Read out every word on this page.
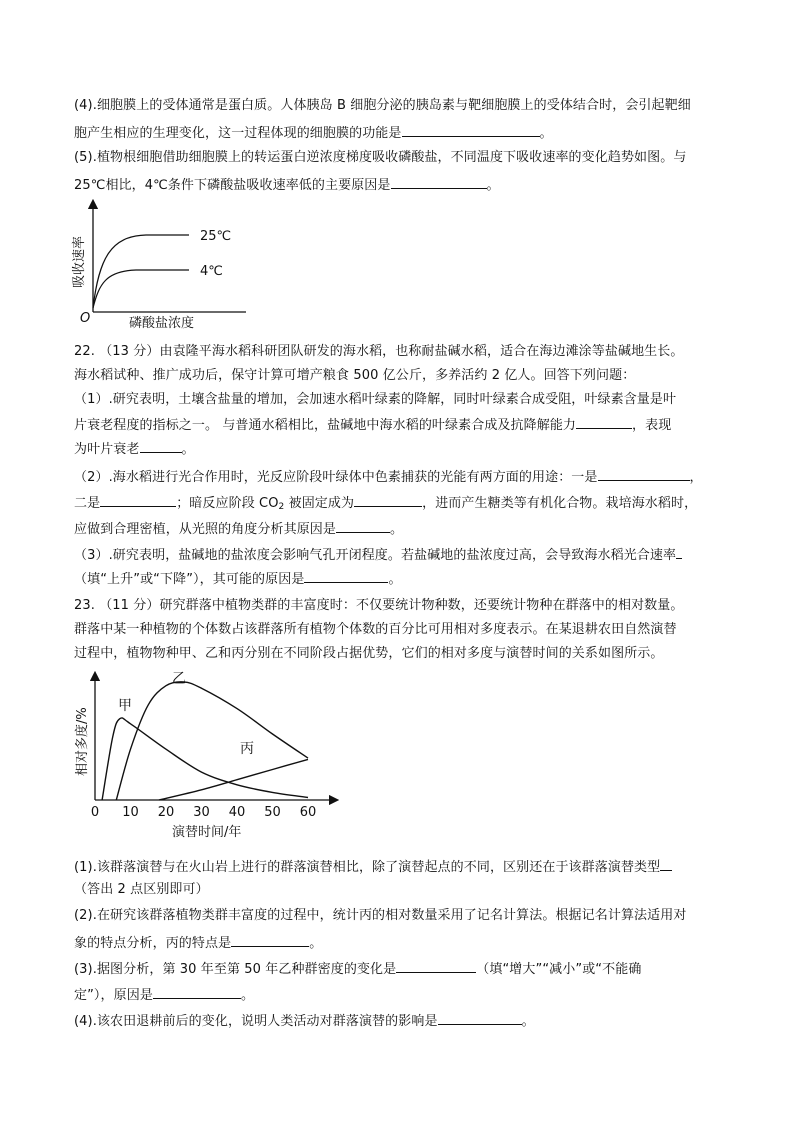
(4).细胞膜上的受体通常是蛋白质。人体胰岛 B 细胞分泌的胰岛素与靶细胞膜上的受体结合时，会引起靶细
胞产生相应的生理变化，这一过程体现的细胞膜的功能是	。
(5).植物根细胞借助细胞膜上的转运蛋白逆浓度梯度吸收磷酸盐，不同温度下吸收速率的变化趋势如图。与
25℃相比，4℃条件下磷酸盐吸收速率低的主要原因是	。
25℃
4℃
O	磷酸盐浓度
吸收速率
22. （13 分）由袁隆平海水稻科研团队研发的海水稻，也称耐盐碱水稻，适合在海边滩涂等盐碱地生长。
海水稻试种、推广成功后，保守计算可增产粮食 500 亿公斤，多养活约 2 亿人。回答下列问题：
（1）.研究表明，土壤含盐量的增加，会加速水稻叶绿素的降解，同时叶绿素合成受阻，叶绿素含量是叶
片衰老程度的指标之一。 与普通水稻相比，盐碱地中海水稻的叶绿素合成及抗降解能力	，表现
为叶片衰老	。
（2）.海水稻进行光合作用时，光反应阶段叶绿体中色素捕获的光能有两方面的用途：一是	，
二是	；暗反应阶段 $CO_2$ 被固定成为	，进而产生糖类等有机化合物。栽培海水稻时，
应做到合理密植，从光照的角度分析其原因是	。
（3）.研究表明，盐碱地的盐浓度会影响气孔开闭程度。若盐碱地的盐浓度过高，会导致海水稻光合速率
（填“上升”或“下降”），其可能的原因是	。
23. （11 分）研究群落中植物类群的丰富度时：不仅要统计物种数，还要统计物种在群落中的相对数量。
群落中某一种植物的个体数占该群落所有植物个体数的百分比可用相对多度表示。在某退耕农田自然演替
过程中，植物物种甲、乙和丙分别在不同阶段占据优势，它们的相对多度与演替时间的关系如图所示。
0 10 20 30 40 50 60
甲
乙
丙
相对多度/%
演替时间/年
(1).该群落演替与在火山岩上进行的群落演替相比，除了演替起点的不同，区别还在于该群落演替类型
（答出 2 点区别即可）
(2).在研究该群落植物类群丰富度的过程中，统计丙的相对数量采用了记名计算法。根据记名计算法适用对
象的特点分析，丙的特点是	。
(3).据图分析，第 30 年至第 50 年乙种群密度的变化是	（填“增大”“减小”或“不能确
定”），原因是	。
(4).该农田退耕前后的变化，说明人类活动对群落演替的影响是	。
